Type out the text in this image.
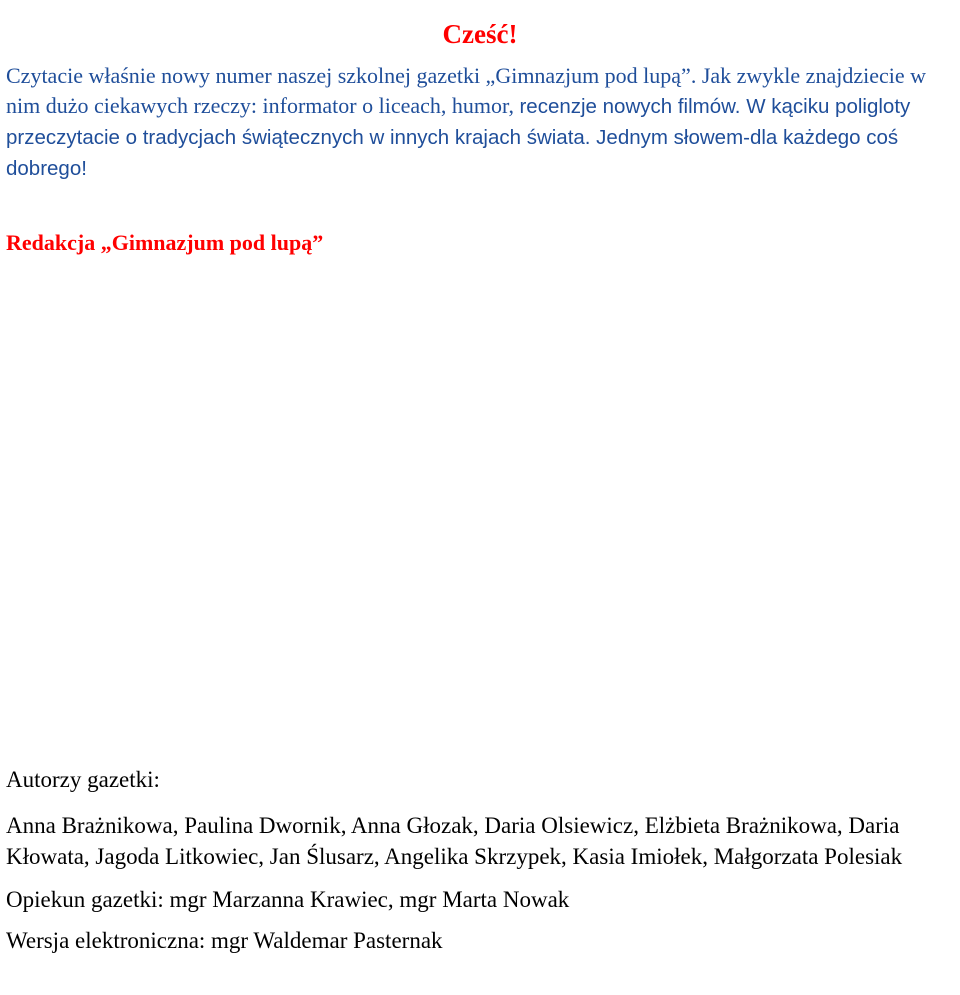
Cześć!

Czytacie właśnie nowy numer naszej szkolnej gazetki „Gimnazjum pod lupą”. Jak zwykle znajdziecie w nim dużo ciekawych rzeczy: informator o liceach, humor, recenzje nowych filmów. W kąciku poligloty przeczytacie o tradycjach świątecznych w innych krajach świata. Jednym słowem-dla każdego coś dobrego!

Redakcja „Gimnazjum pod lupą”

Autorzy gazetki:

Anna Brażnikowa, Paulina Dwornik, Anna Głozak, Daria Olsiewicz, Elżbieta Brażnikowa, Daria Kłowata, Jagoda Litkowiec, Jan Ślusarz, Angelika Skrzypek, Kasia Imiołek, Małgorzata Polesiak

Opiekun gazetki: mgr Marzanna Krawiec, mgr Marta Nowak

Wersja elektroniczna: mgr Waldemar Pasternak
